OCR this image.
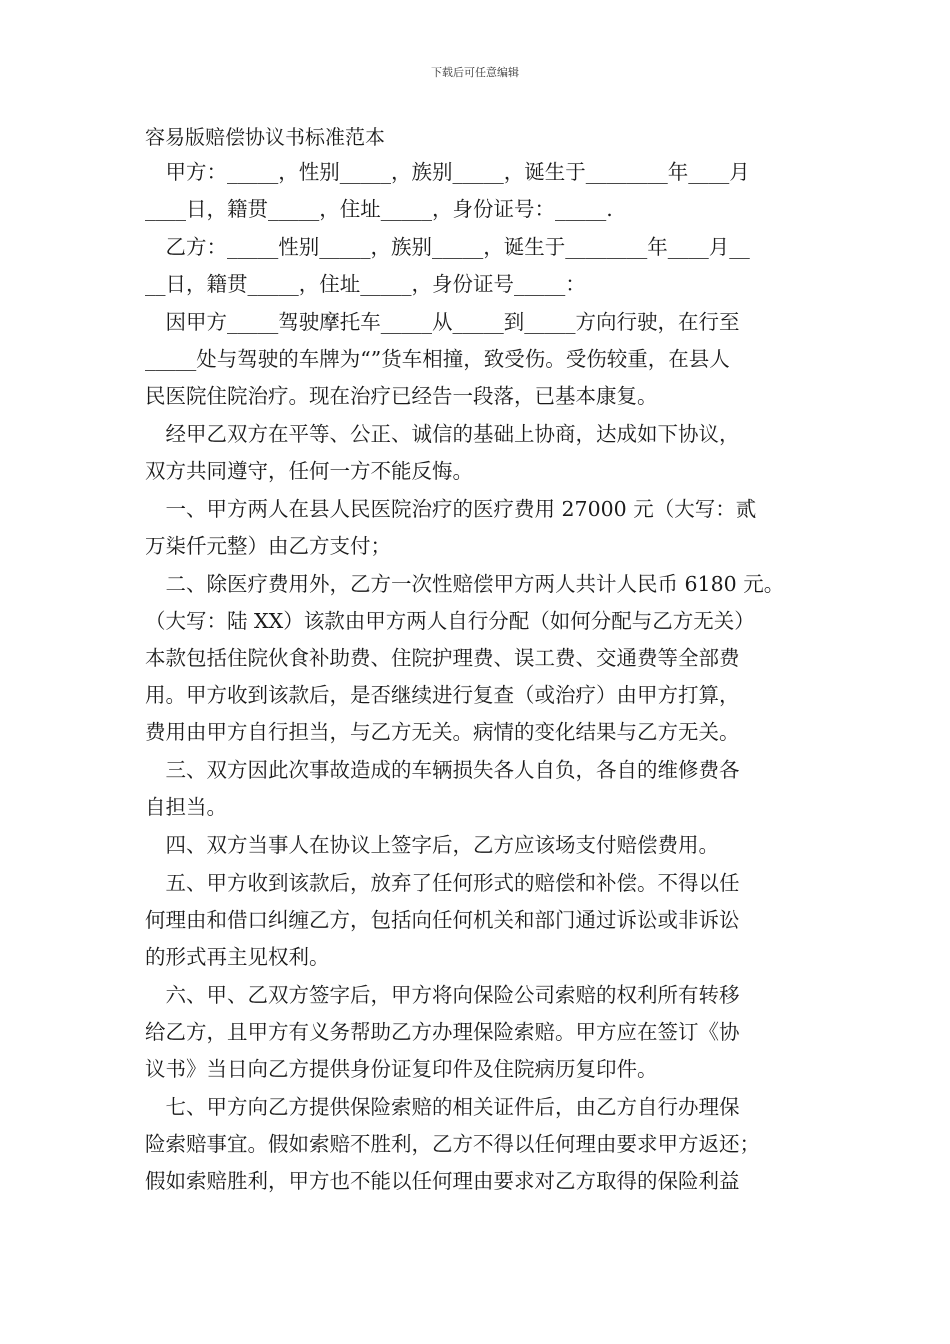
下载后可任意编辑
容易版赔偿协议书标准范本
　甲方：_____，性别_____，族别_____，诞生于________年____月
____日，籍贯_____，住址_____，身份证号：_____.
　乙方：_____性别_____，族别_____，诞生于________年____月__
__日，籍贯_____，住址_____，身份证号_____：
　因甲方_____驾驶摩托车_____从_____到_____方向行驶，在行至
_____处与驾驶的车牌为“”货车相撞，致受伤。受伤较重，在县人
民医院住院治疗。现在治疗已经告一段落，已基本康复。
　经甲乙双方在平等、公正、诚信的基础上协商，达成如下协议，
双方共同遵守，任何一方不能反悔。
　一、甲方两人在县人民医院治疗的医疗费用 27000 元（大写：贰
万柒仟元整）由乙方支付；
　二、除医疗费用外，乙方一次性赔偿甲方两人共计人民币 6180 元。
（大写：陆 XX）该款由甲方两人自行分配（如何分配与乙方无关）
本款包括住院伙食补助费、住院护理费、误工费、交通费等全部费
用。甲方收到该款后，是否继续进行复查（或治疗）由甲方打算，
费用由甲方自行担当，与乙方无关。病情的变化结果与乙方无关。
　三、双方因此次事故造成的车辆损失各人自负，各自的维修费各
自担当。
　四、双方当事人在协议上签字后，乙方应该场支付赔偿费用。
　五、甲方收到该款后，放弃了任何形式的赔偿和补偿。不得以任
何理由和借口纠缠乙方，包括向任何机关和部门通过诉讼或非诉讼
的形式再主见权利。
　六、甲、乙双方签字后，甲方将向保险公司索赔的权利所有转移
给乙方，且甲方有义务帮助乙方办理保险索赔。甲方应在签订《协
议书》当日向乙方提供身份证复印件及住院病历复印件。
　七、甲方向乙方提供保险索赔的相关证件后，由乙方自行办理保
险索赔事宜。假如索赔不胜利，乙方不得以任何理由要求甲方返还；
假如索赔胜利，甲方也不能以任何理由要求对乙方取得的保险利益
